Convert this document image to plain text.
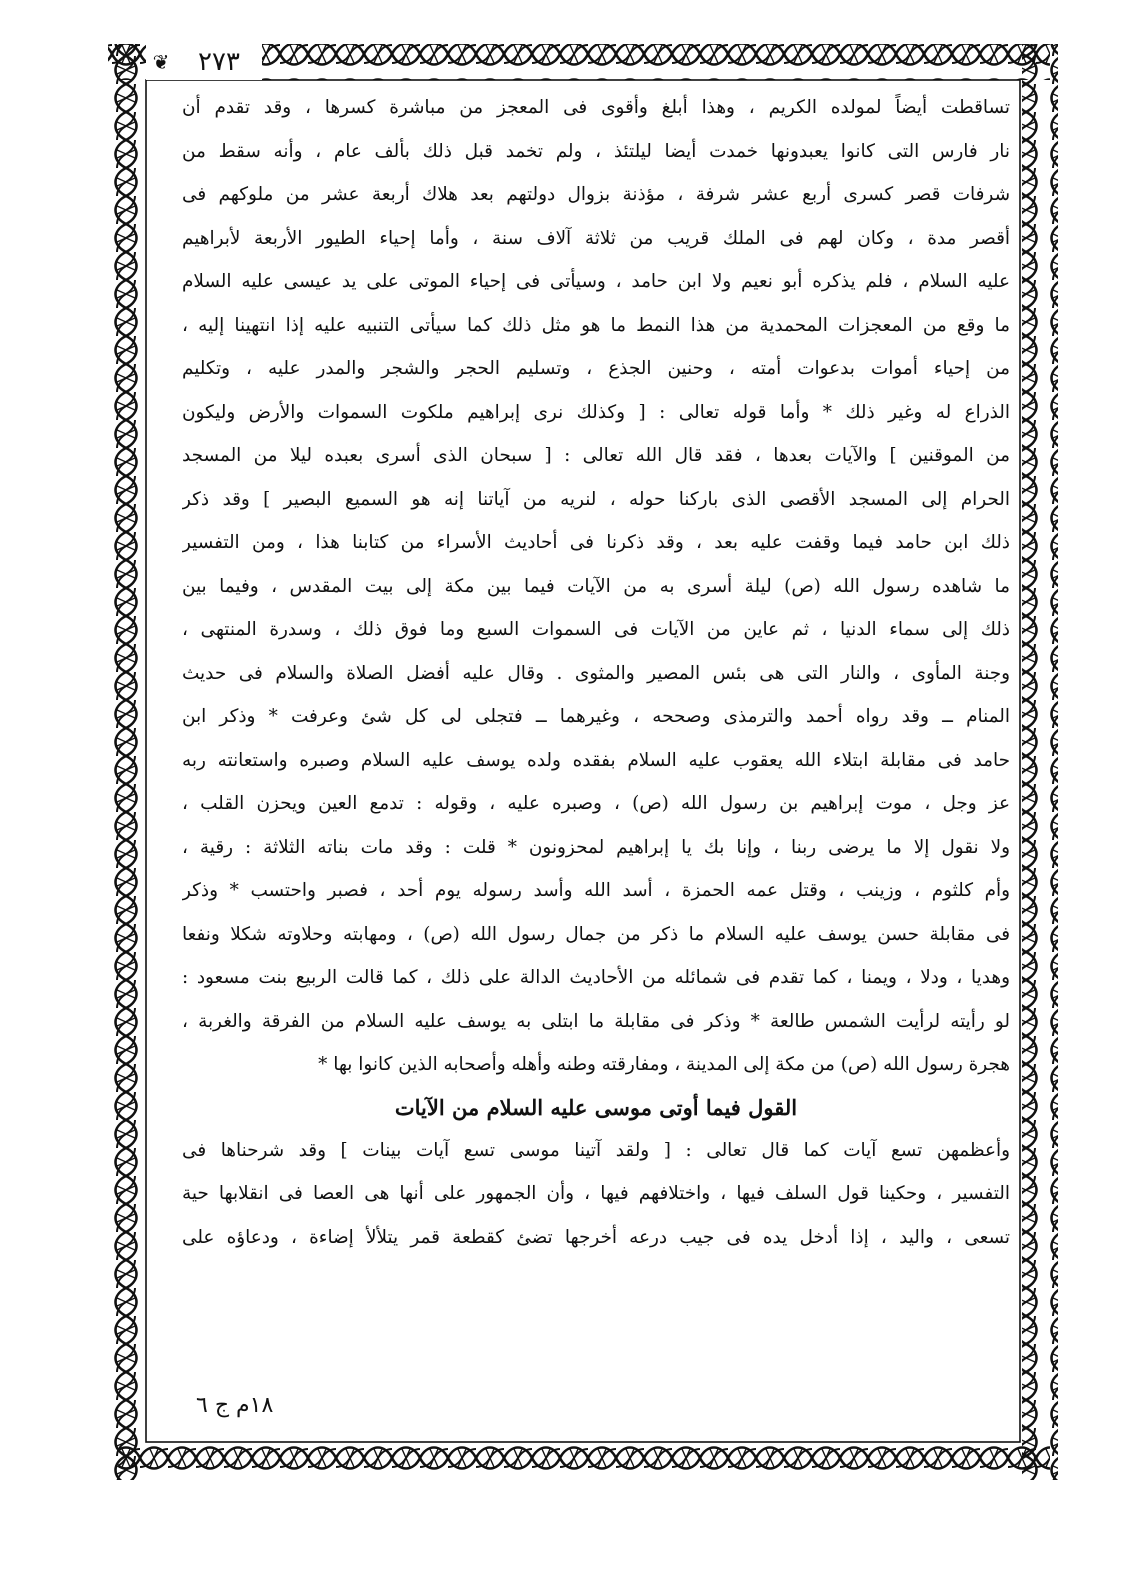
❦	٢٧٣
تساقطت أيضاً لمولده الكريم ، وهذا أبلغ وأقوى فى المعجز من مباشرة كسرها ، وقد تقدم أن
نار فارس التى كانوا يعبدونها خمدت أيضا ليلتئذ ، ولم تخمد قبل ذلك بألف عام ، وأنه سقط من
شرفات قصر كسرى أربع عشر شرفة ، مؤذنة بزوال دولتهم بعد هلاك أربعة عشر من ملوكهم فى
أقصر مدة ، وكان لهم فى الملك قريب من ثلاثة آلاف سنة ، وأما إحياء الطيور الأربعة لأبراهيم
عليه السلام ، فلم يذكره أبو نعيم ولا ابن حامد ، وسيأتى فى إحياء الموتى على يد عيسى عليه السلام
ما وقع من المعجزات المحمدية من هذا النمط ما هو مثل ذلك كما سيأتى التنبيه عليه إذا انتهينا إليه ،
من إحياء أموات بدعوات أمته ، وحنين الجذع ، وتسليم الحجر والشجر والمدر عليه ، وتكليم
الذراع له وغير ذلك * وأما قوله تعالى : [ وكذلك نرى إبراهيم ملكوت السموات والأرض وليكون
من الموقنين ] والآيات بعدها ، فقد قال الله تعالى : [ سبحان الذى أسرى بعبده ليلا من المسجد
الحرام إلى المسجد الأقصى الذى باركنا حوله ، لنريه من آياتنا إنه هو السميع البصير ] وقد ذكر
ذلك ابن حامد فيما وقفت عليه بعد ، وقد ذكرنا فى أحاديث الأسراء من كتابنا هذا ، ومن التفسير
ما شاهده رسول الله (ص) ليلة أسرى به من الآيات فيما بين مكة إلى بيت المقدس ، وفيما بين
ذلك إلى سماء الدنيا ، ثم عاين من الآيات فى السموات السبع وما فوق ذلك ، وسدرة المنتهى ،
وجنة المأوى ، والنار التى هى بئس المصير والمثوى . وقال عليه أفضل الصلاة والسلام فى حديث
المنام ــ وقد رواه أحمد والترمذى وصححه ، وغيرهما ــ فتجلى لى كل شئ وعرفت * وذكر ابن
حامد فى مقابلة ابتلاء الله يعقوب عليه السلام بفقده ولده يوسف عليه السلام وصبره واستعانته ربه
عز وجل ، موت إبراهيم بن رسول الله (ص) ، وصبره عليه ، وقوله : تدمع العين ويحزن القلب ،
ولا نقول إلا ما يرضى ربنا ، وإنا بك يا إبراهيم لمحزونون * قلت : وقد مات بناته الثلاثة : رقية ،
وأم كلثوم ، وزينب ، وقتل عمه الحمزة ، أسد الله وأسد رسوله يوم أحد ، فصبر واحتسب * وذكر
فى مقابلة حسن يوسف عليه السلام ما ذكر من جمال رسول الله (ص) ، ومهابته وحلاوته شكلا ونفعا
وهديا ، ودلا ، ويمنا ، كما تقدم فى شمائله من الأحاديث الدالة على ذلك ، كما قالت الربيع بنت مسعود :
لو رأيته لرأيت الشمس طالعة * وذكر فى مقابلة ما ابتلى به يوسف عليه السلام من الفرقة والغربة ،
هجرة رسول الله (ص) من مكة إلى المدينة ، ومفارقته وطنه وأهله وأصحابه الذين كانوا بها *
القول فيما أوتى موسى عليه السلام من الآيات
وأعظمهن تسع آيات كما قال تعالى : [ ولقد آتينا موسى تسع آيات بينات ] وقد شرحناها فى
التفسير ، وحكينا قول السلف فيها ، واختلافهم فيها ، وأن الجمهور على أنها هى العصا فى انقلابها حية
تسعى ، واليد ، إذا أدخل يده فى جيب درعه أخرجها تضئ كقطعة قمر يتلألأ إضاءة ، ودعاؤه على
١٨م ج ٦
